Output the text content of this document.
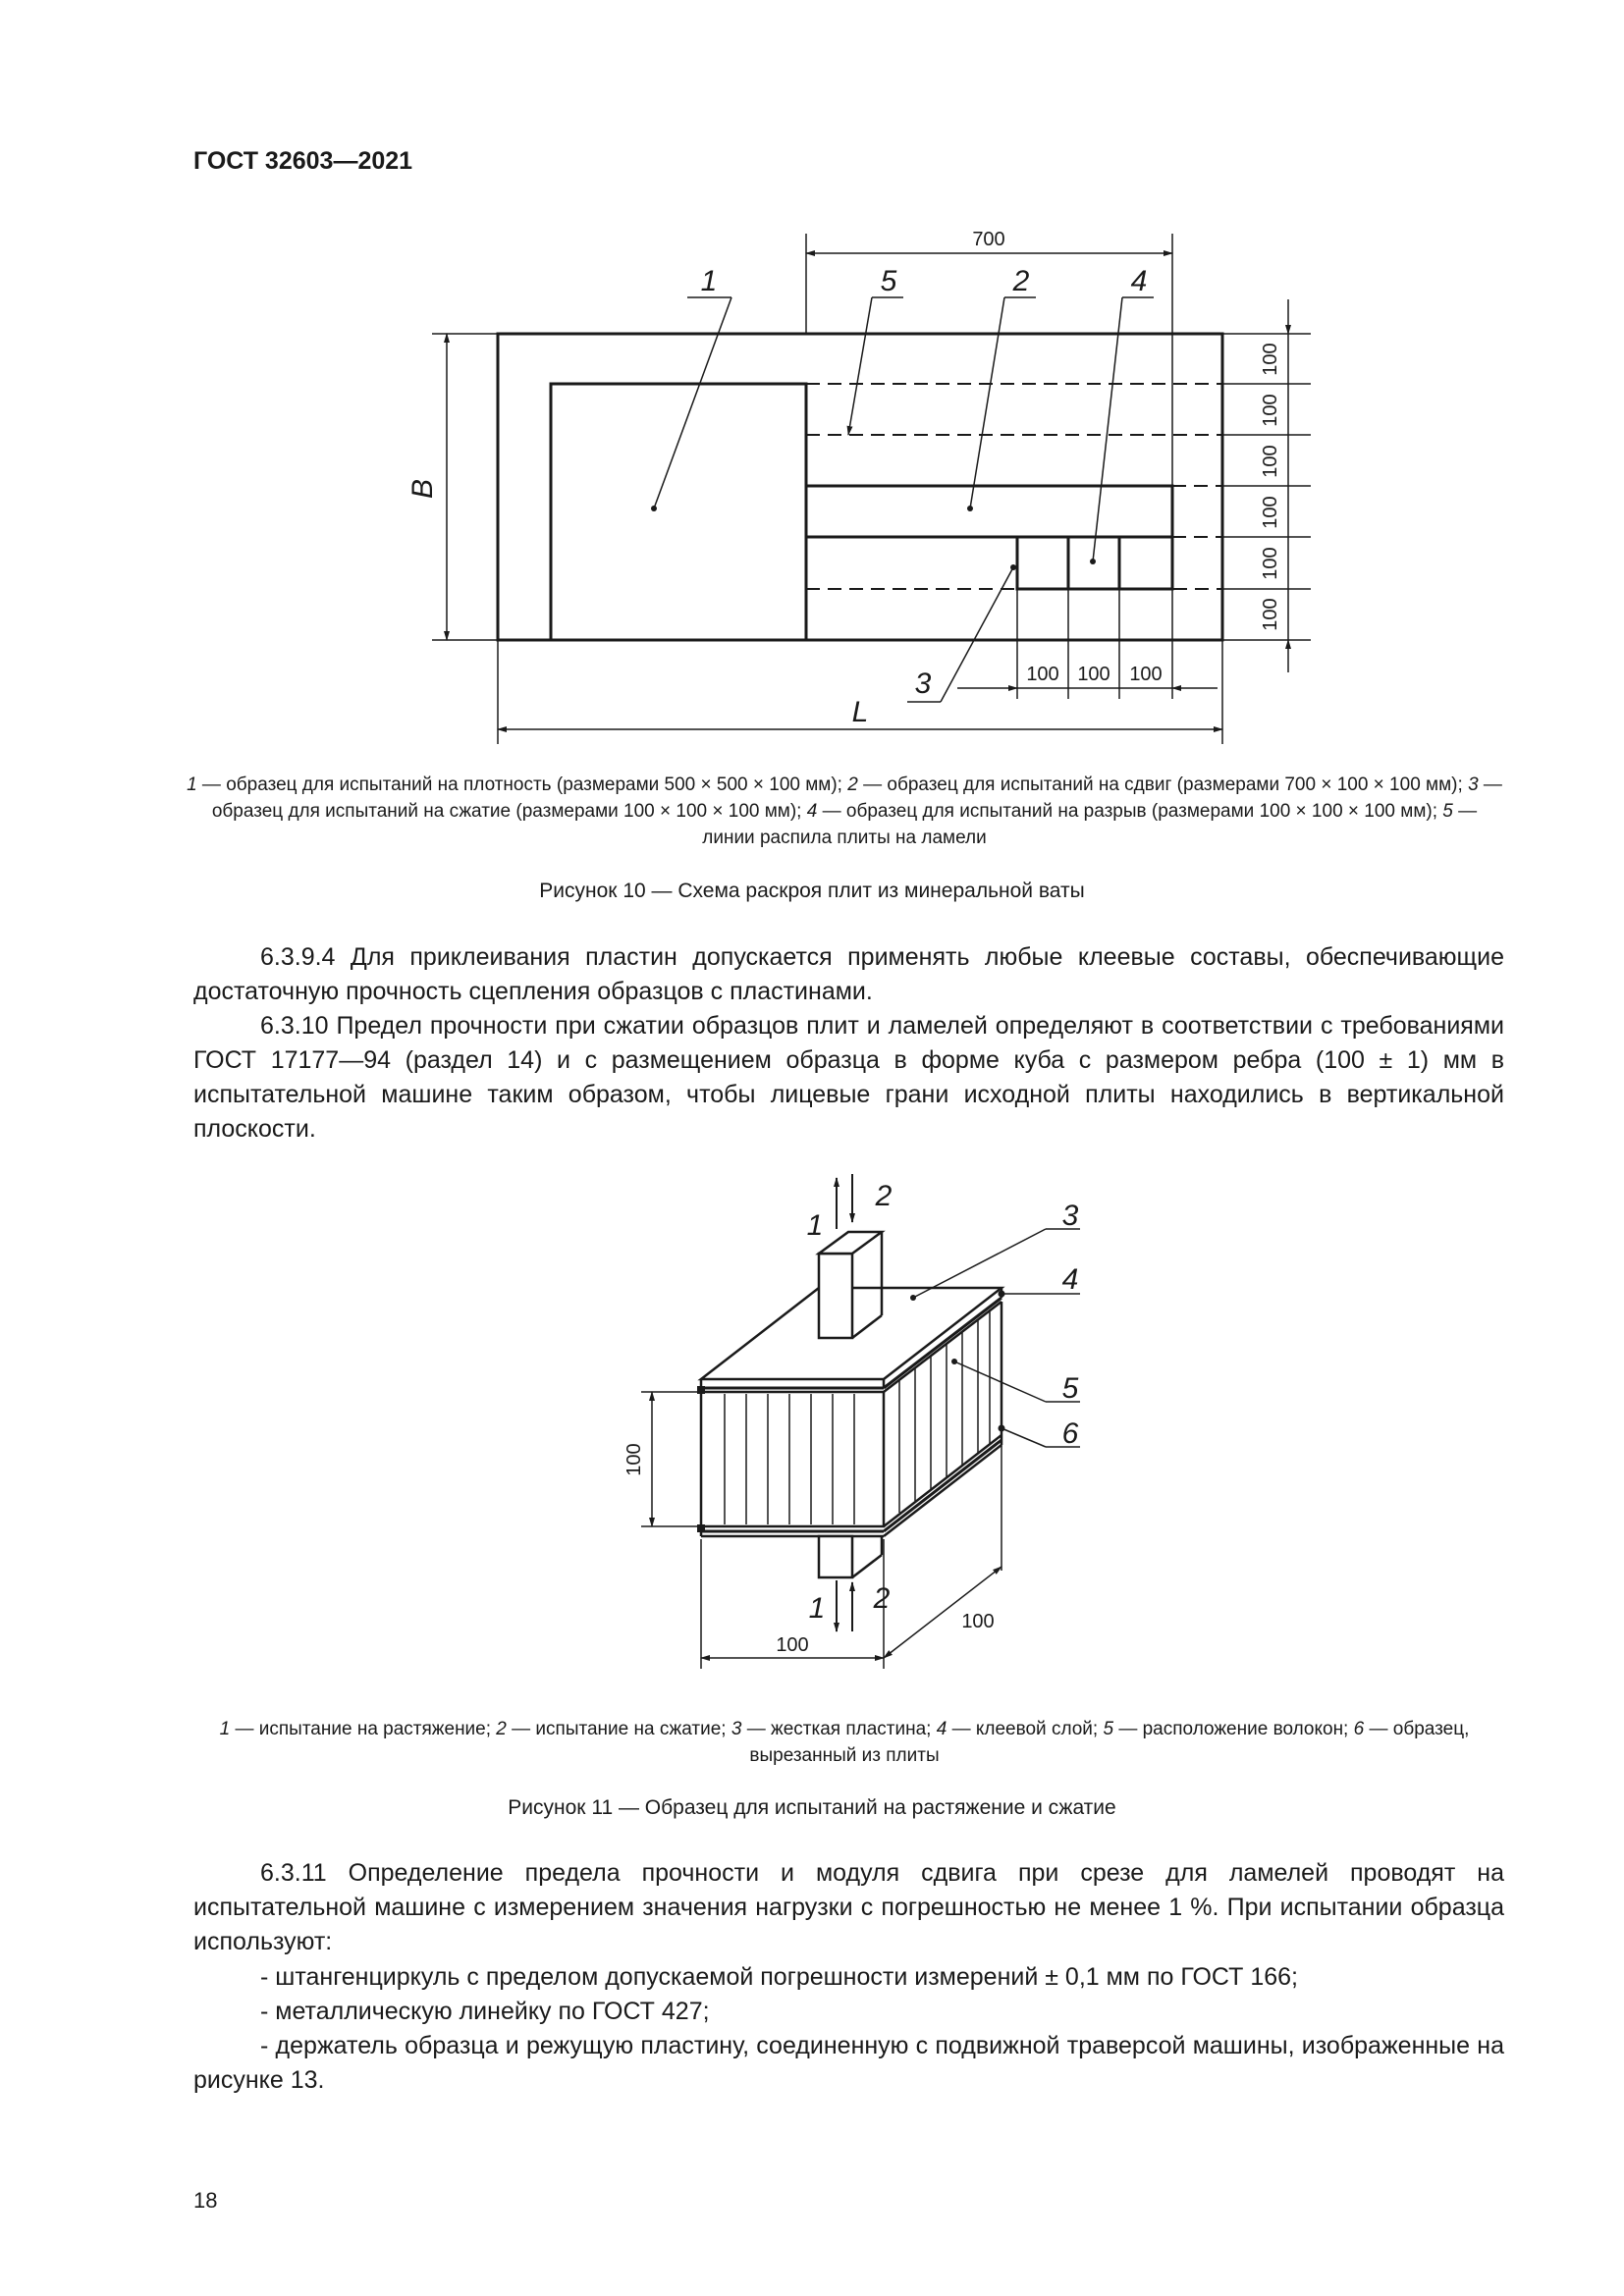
ГОСТ 32603—2021
700
B
L
100
100
100
100
100
100
100 100 100
1	5	2	4
3
1 — образец для испытаний на плотность (размерами 500 × 500 × 100 мм); 2 — образец для испытаний на сдвиг (размерами 700 × 100 × 100 мм); 3 — образец для испытаний на сжатие (размерами 100 × 100 × 100 мм); 4 — образец для испытаний на разрыв (размерами 100 × 100 × 100 мм); 5 — линии распила плиты на ламели
Рисунок 10 — Схема раскроя плит из минеральной ваты
6.3.9.4 Для приклеивания пластин допускается применять любые клеевые составы, обеспечивающие достаточную прочность сцепления образцов с пластинами.
6.3.10 Предел прочности при сжатии образцов плит и ламелей определяют в соответствии с требованиями ГОСТ 17177—94 (раздел 14) и с размещением образца в форме куба с размером ребра (100 ± 1) мм в испытательной машине таким образом, чтобы лицевые грани исходной плиты находились в вертикальной плоскости.
1
2
3
4
5
6
1 2
100
100
100
1 — испытание на растяжение; 2 — испытание на сжатие; 3 — жесткая пластина; 4 — клеевой слой; 5 — расположение волокон; 6 — образец, вырезанный из плиты
Рисунок 11 — Образец для испытаний на растяжение и сжатие
6.3.11 Определение предела прочности и модуля сдвига при срезе для ламелей проводят на испытательной машине с измерением значения нагрузки с погрешностью не менее 1 %. При испытании образца используют:
- штангенциркуль с пределом допускаемой погрешности измерений ± 0,1 мм по ГОСТ 166;
- металлическую линейку по ГОСТ 427;
- держатель образца и режущую пластину, соединенную с подвижной траверсой машины, изображенные на рисунке 13.
18
